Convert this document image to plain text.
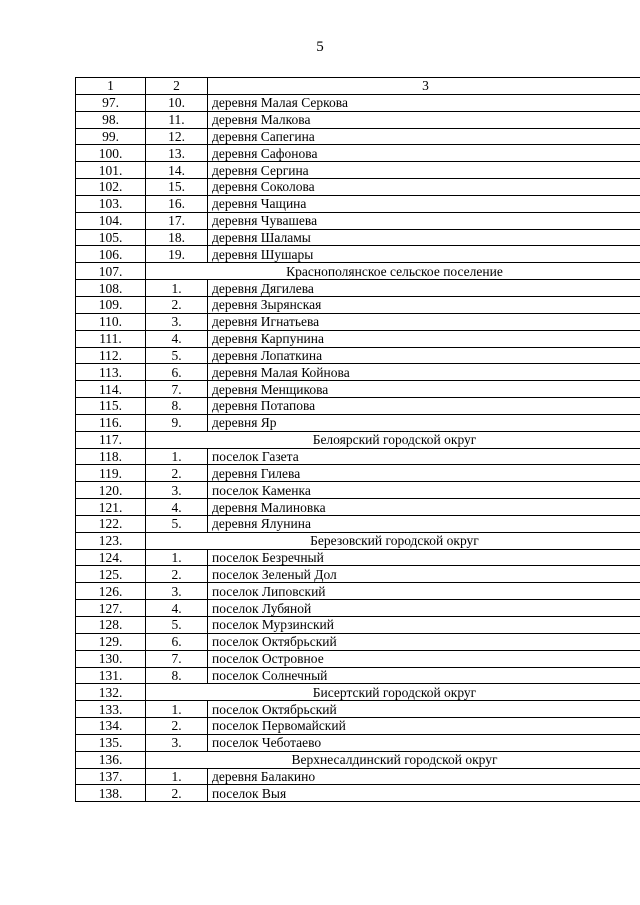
5
1	2	3
97.	10.	деревня Малая Серкова
98.	11.	деревня Малкова
99.	12.	деревня Сапегина
100.	13.	деревня Сафонова
101.	14.	деревня Сергина
102.	15.	деревня Соколова
103.	16.	деревня Чащина
104.	17.	деревня Чувашева
105.	18.	деревня Шаламы
106.	19.	деревня Шушары
107.	Краснополянское сельское поселение	
108.	1.	деревня Дягилева
109.	2.	деревня Зырянская
110.	3.	деревня Игнатьева
111.	4.	деревня Карпунина
112.	5.	деревня Лопаткина
113.	6.	деревня Малая Койнова
114.	7.	деревня Менщикова
115.	8.	деревня Потапова
116.	9.	деревня Яр
117.	Белоярский городской округ	
118.	1.	поселок Газета
119.	2.	деревня Гилева
120.	3.	поселок Каменка
121.	4.	деревня Малиновка
122.	5.	деревня Ялунина
123.	Березовский городской округ	
124.	1.	поселок Безречный
125.	2.	поселок Зеленый Дол
126.	3.	поселок Липовский
127.	4.	поселок Лубяной
128.	5.	поселок Мурзинский
129.	6.	поселок Октябрьский
130.	7.	поселок Островное
131.	8.	поселок Солнечный
132.	Бисертский городской округ	
133.	1.	поселок Октябрьский
134.	2.	поселок Первомайский
135.	3.	поселок Чеботаево
136.	Верхнесалдинский городской округ	
137.	1.	деревня Балакино
138.	2.	поселок Выя
